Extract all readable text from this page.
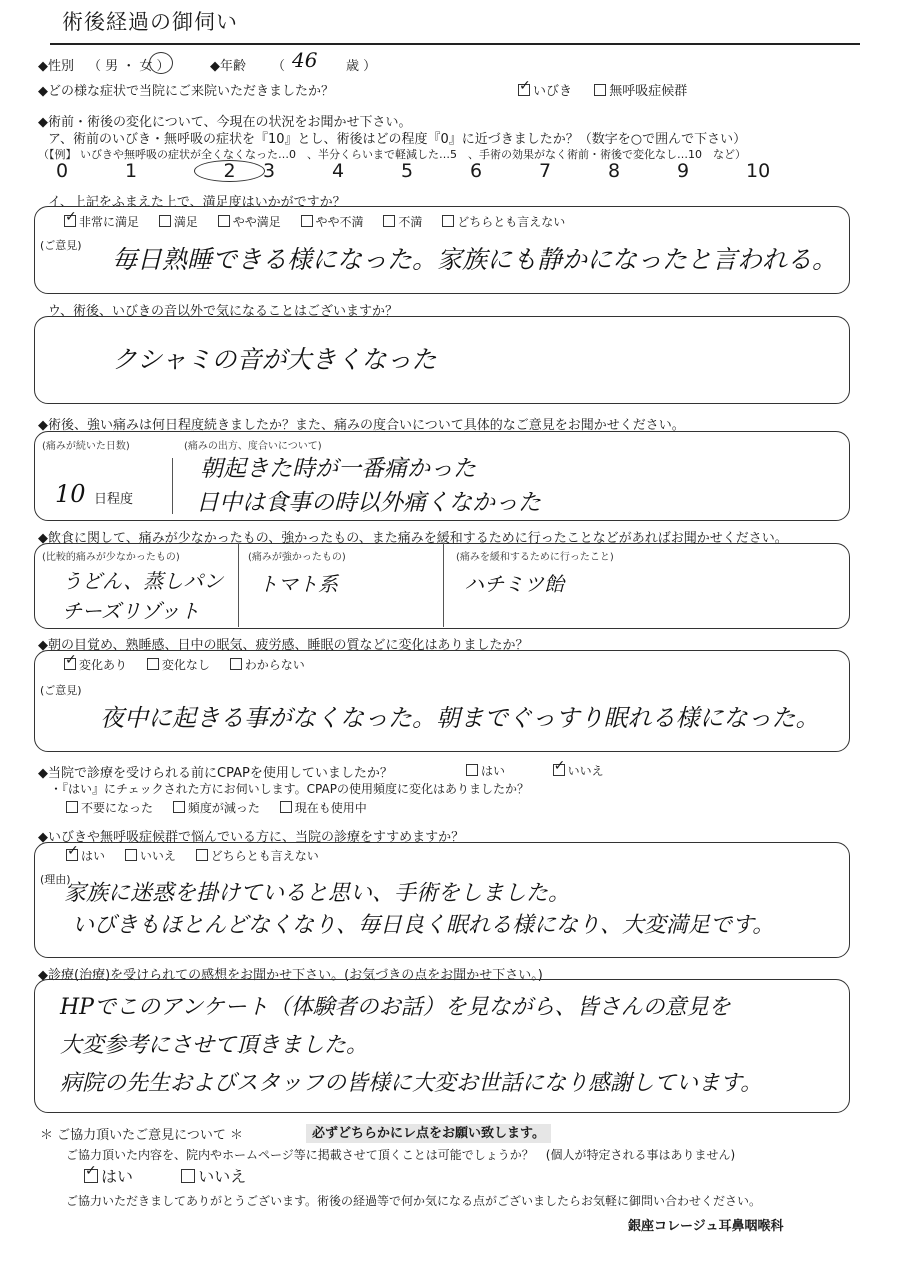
術後経過の御伺い
◆性別 （ 男 ・ 女 ）	◆年齢 （ 46 歳 ）
◆どの様な症状で当院にご来院いただきましたか？ ✓	いびき	無呼吸症候群
◆術前・術後の変化について、今現在の状況をお聞かせ下さい。
ア、術前のいびき・無呼吸の症状を『10』とし、術後はどの程度『0』に近づきましたか？（数字を○で囲んで下さい）
（【例】 いびきや無呼吸の症状が全くなくなった…0　、半分くらいまで軽減した…5　、手術の効果がなく術前・術後で変化なし…10　など）
0	1	2 3	4	5	6	7	8	9	10
イ、上記をふまえた上で、満足度はいかがですか？
✓非常に満足	満足	やや満足	やや不満	不満	どちらとも言えない
(ご意見) 毎日熟睡できる様になった。家族にも静かになったと言われる。
ウ、術後、いびきの音以外で気になることはございますか？
クシャミの音が大きくなった
◆術後、強い痛みは何日程度続きましたか？また、痛みの度合いについて具体的なご意見をお聞かせください。
(痛みが続いた日数)
10 日程度
(痛みの出方、度合いについて)
朝起きた時が一番痛かった
日中は食事の時以外痛くなかった
◆飲食に関して、痛みが少なかったもの、強かったもの、また痛みを緩和するために行ったことなどがあればお聞かせください。
(比較的痛みが少なかったもの)
うどん、蒸しパン
チーズリゾット
(痛みが強かったもの)
トマト系
(痛みを緩和するために行ったこと)
ハチミツ飴
◆朝の目覚め、熟睡感、日中の眠気、疲労感、睡眠の質などに変化はありましたか？
✓変化あり	変化なし	わからない
(ご意見)
夜中に起きる事がなくなった。朝までぐっすり眠れる様になった。
◆当院で診療を受けられる前にCPAPを使用していましたか？	はい ✓	いいえ
・『はい』にチェックされた方にお伺いします。CPAPの使用頻度に変化はありましたか？
不要になった	頻度が減った	現在も使用中
◆いびきや無呼吸症候群で悩んでいる方に、当院の診療をすすめますか？
✓はい	いいえ	どちらとも言えない
(理由)
家族に迷惑を掛けていると思い、手術をしました。
いびきもほとんどなくなり、毎日良く眠れる様になり、大変満足です。
◆診療(治療)を受けられての感想をお聞かせ下さい。(お気づきの点をお聞かせ下さい。)
HPでこのアンケート（体験者のお話）を見ながら、皆さんの意見を
大変参考にさせて頂きました。
病院の先生およびスタッフの皆様に大変お世話になり感謝しています。
＊ ご協力頂いたご意見について ＊	必ずどちらかにレ点をお願い致します。
ご協力頂いた内容を、院内やホームページ等に掲載させて頂くことは可能でしょうか？　(個人が特定される事はありません)
✓はい	いいえ
ご協力いただきましてありがとうございます。術後の経過等で何か気になる点がございましたらお気軽に御問い合わせください。
銀座コレージュ耳鼻咽喉科
